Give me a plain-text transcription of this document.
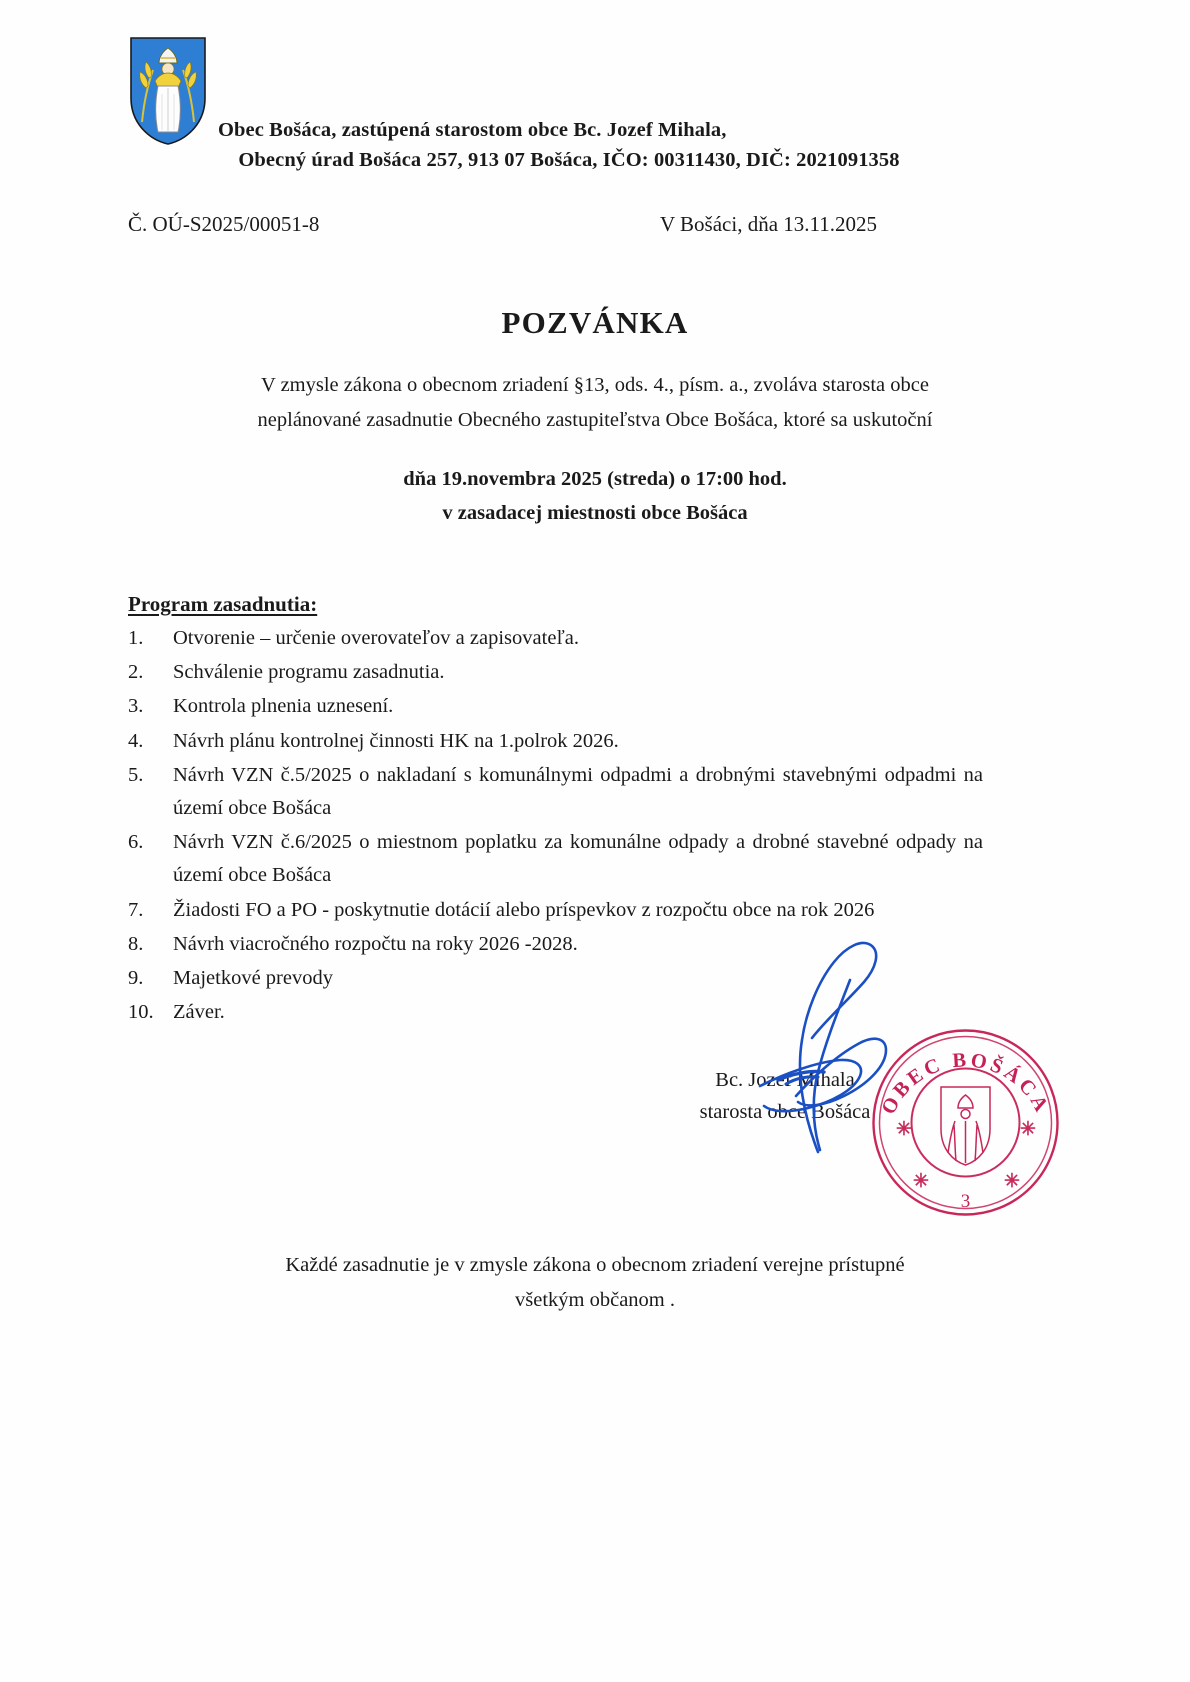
Obec Bošáca, zastúpená starostom obce Bc. Jozef Mihala,
Obecný úrad Bošáca 257, 913 07 Bošáca, IČO: 00311430, DIČ: 2021091358
Č. OÚ-S2025/00051-8	V Bošáci, dňa 13.11.2025
POZVÁNKA
V zmysle zákona o obecnom zriadení §13, ods. 4., písm. a., zvoláva starosta obce
neplánované zasadnutie Obecného zastupiteľstva Obce Bošáca, ktoré sa uskutoční
dňa 19.novembra 2025 (streda) o 17:00 hod.
v zasadacej miestnosti obce Bošáca
Program zasadnutia:
1.	Otvorenie – určenie overovateľov a zapisovateľa.
2.	Schválenie programu zasadnutia.
3.	Kontrola plnenia uznesení.
4.	Návrh plánu kontrolnej činnosti HK na 1.polrok 2026.
5.	Návrh VZN č.5/2025 o nakladaní s komunálnymi odpadmi a drobnými stavebnými odpadmi na území obce Bošáca
6.	Návrh VZN č.6/2025 o miestnom poplatku za komunálne odpady a drobné stavebné odpady na území obce Bošáca
7.	Žiadosti FO a PO - poskytnutie dotácií alebo príspevkov z rozpočtu obce na rok 2026
8.	Návrh viacročného rozpočtu na roky 2026 -2028.
9.	Majetkové prevody
10. Záver.
Bc. Jozef Mihala
starosta obce Bošáca OBEC BOŠÁCA
✳	✳
✳	✳
3
Každé zasadnutie je v zmysle zákona o obecnom zriadení verejne prístupné
všetkým občanom .
